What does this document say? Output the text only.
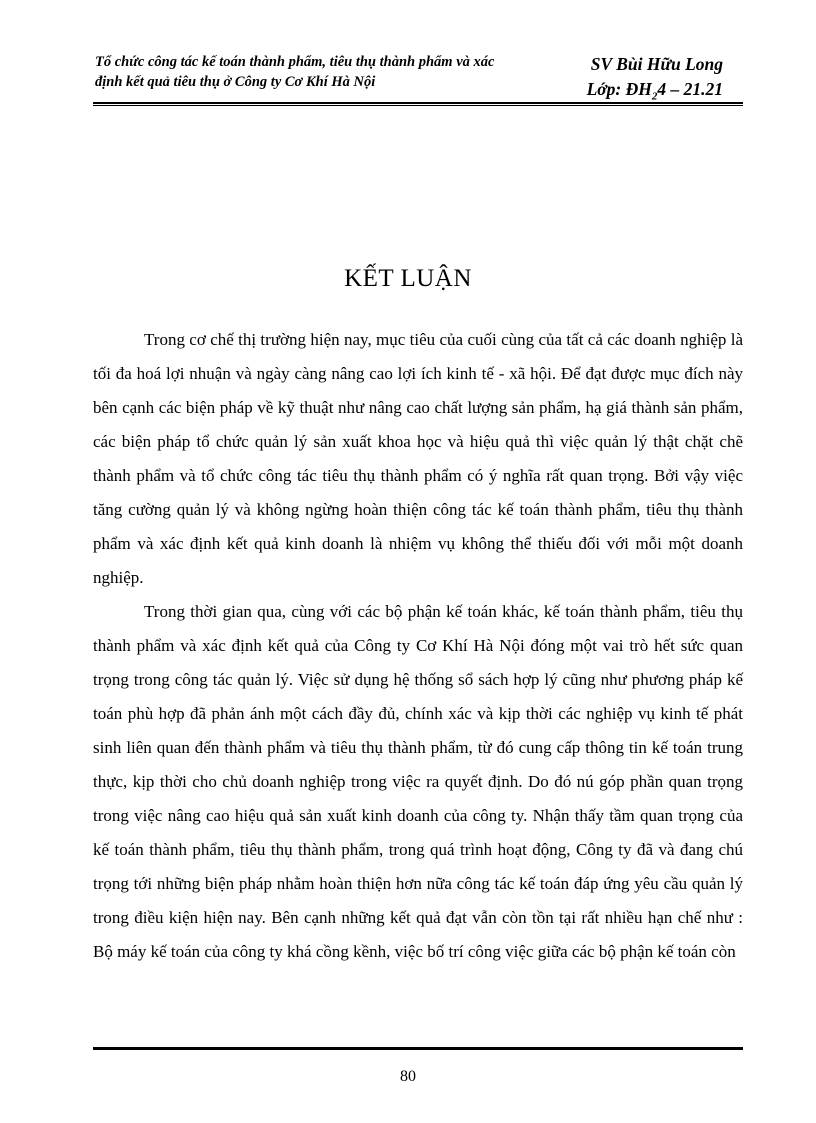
Tổ chức công tác kế toán thành phẩm, tiêu thụ thành phẩm và xác
định kết quả tiêu thụ ở Công ty Cơ Khí Hà Nội
SV Bùi Hữu Long
Lớp: $ĐH_24 - 21.21$
KẾT LUẬN

Trong cơ chế thị trường hiện nay, mục tiêu của cuối cùng của tất cả các doanh nghiệp là tối đa hoá lợi nhuận và ngày càng nâng cao lợi ích kinh tế - xã hội. Để đạt được mục đích này bên cạnh các biện pháp về kỹ thuật như nâng cao chất lượng sản phẩm, hạ giá thành sản phẩm, các biện pháp tổ chức quản lý sản xuất khoa học và hiệu quả thì việc quản lý thật chặt chẽ thành phẩm và tổ chức công tác tiêu thụ thành phẩm có ý nghĩa rất quan trọng. Bởi vậy việc tăng cường quản lý và không ngừng hoàn thiện công tác kế toán thành phẩm, tiêu thụ thành phẩm và xác định kết quả kinh doanh là nhiệm vụ không thể thiếu đối với mỗi một doanh nghiệp.

Trong thời gian qua, cùng với các bộ phận kế toán khác, kế toán thành phẩm, tiêu thụ thành phẩm và xác định kết quả của Công ty Cơ Khí Hà Nội đóng một vai trò hết sức quan trọng trong công tác quản lý. Việc sử dụng hệ thống sổ sách hợp lý cũng như phương pháp kế toán phù hợp đã phản ánh một cách đầy đủ, chính xác và kịp thời các nghiệp vụ kinh tế phát sinh liên quan đến thành phẩm và tiêu thụ thành phẩm, từ đó cung cấp thông tin kế toán trung thực, kịp thời cho chủ doanh nghiệp trong việc ra quyết định. Do đó nú góp phần quan trọng trong việc nâng cao hiệu quả sản xuất kinh doanh của công ty. Nhận thấy tầm quan trọng của kế toán thành phẩm, tiêu thụ thành phẩm, trong quá trình hoạt động, Công ty đã và đang chú trọng tới những biện pháp nhằm hoàn thiện hơn nữa công tác kế toán đáp ứng yêu cầu quản lý trong điều kiện hiện nay. Bên cạnh những kết quả đạt vẫn còn tồn tại rất nhiều hạn chế như : Bộ máy kế toán của công ty khá cồng kềnh, việc bố trí công việc giữa các bộ phận kế toán còn

80
